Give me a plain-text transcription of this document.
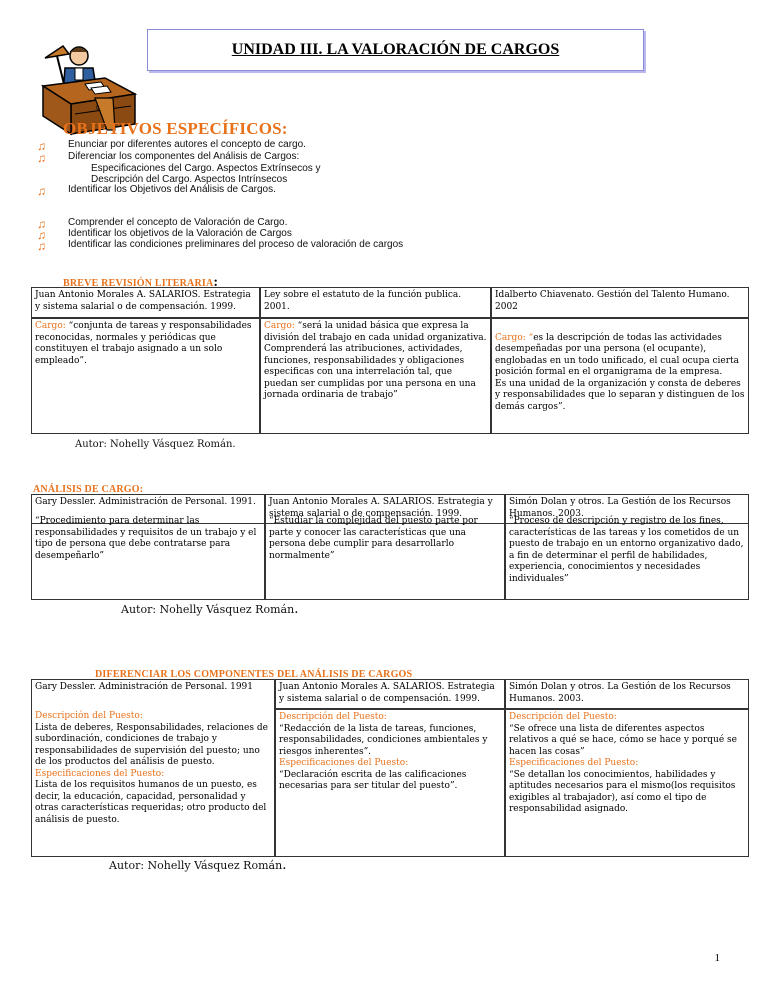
UNIDAD III. LA VALORACIÓN DE CARGOS
OBJETIVOS ESPECÍFICOS:
♫ Enunciar por diferentes autores el concepto de cargo.
♫ Diferenciar los componentes del Análisis de Cargos:
Especificaciones del Cargo. Aspectos Extrínsecos y
Descripción del Cargo. Aspectos Intrínsecos
♫ Identificar los Objetivos del Análisis de Cargos.
♫ Comprender el concepto de Valoración de Cargo.
♫ Identificar los objetivos de la Valoración de Cargos
♫ Identificar las condiciones preliminares del proceso de valoración de cargos
BREVE REVISIÓN LITERARIA:
Juan Antonio Morales A. SALARIOS. Estrategia y sistema salarial o de compensación. 1999.
Ley sobre el estatuto de la función publica. 2001.
Idalberto Chiavenato. Gestión del Talento Humano. 2002
Cargo: “conjunta de tareas y responsabilidades reconocidas, normales y periódicas que constituyen el trabajo asignado a un solo empleado”.
Cargo: “será la unidad básica que expresa la división del trabajo en cada unidad organizativa. Comprenderá las atribuciones, actividades, funciones, responsabilidades y obligaciones especificas con una interrelación tal, que puedan ser cumplidas por una persona en una jornada ordinaria de trabajo”

Cargo: “es la descripción de todas las actividades desempeñadas por una persona (el ocupante), englobadas en un todo unificado, el cual ocupa cierta posición formal en el organigrama de la empresa.
Es una unidad de la organización y consta de deberes y responsabilidades que lo separan y distinguen de los demás cargos”.

Autor: Nohelly Vásquez Román.
ANÁLISIS DE CARGO:
Gary Dessler. Administración de Personal. 1991.	Juan Antonio Morales A. SALARIOS. Estrategia y sistema salarial o de compensación. 1999.
Simón Dolan y otros. La Gestión de los Recursos Humanos. 2003.
“Procedimiento para determinar las responsabilidades y requisitos de un trabajo y el tipo de persona que debe contratarse para desempeñarlo”
“Estudiar la complejidad del puesto parte por parte y conocer las características que una persona debe cumplir para desarrollarlo normalmente”
“Proceso de descripción y registro de los fines, características de las tareas y los cometidos de un puesto de trabajo en un entorno organizativo dado, a fin de determinar el perfil de habilidades, experiencia, conocimientos y necesidades individuales”
Autor: Nohelly Vásquez Román.
DIFERENCIAR LOS COMPONENTES DEL ANÁLISIS DE CARGOS
Gary Dessler. Administración de Personal. 1991	Juan Antonio Morales A. SALARIOS. Estrategia y sistema salarial o de compensación. 1999.
Simón Dolan y otros. La Gestión de los Recursos Humanos. 2003.
Descripción del Puesto:
Lista de deberes, Responsabilidades, relaciones de subordinación, condiciones de trabajo y responsabilidades de supervisión del puesto; uno de los productos del análisis de puesto.
Especificaciones del Puesto:
Lista de los requisitos humanos de un puesto, es decir, la educación, capacidad, personalidad y otras características requeridas; otro producto del análisis de puesto.
Descripción del Puesto:
“Redacción de la lista de tareas, funciones, responsabilidades, condiciones ambientales y riesgos inherentes”.
Especificaciones del Puesto:
“Declaración escrita de las calificaciones necesarias para ser titular del puesto”.
Descripción del Puesto:
“Se ofrece una lista de diferentes aspectos relativos a qué se hace, cómo se hace y porqué se hacen las cosas”
Especificaciones del Puesto:
“Se detallan los conocimientos, habilidades y aptitudes necesarios para el mismo(los requisitos exigibles al trabajador), así como el tipo de responsabilidad asignado.
Autor: Nohelly Vásquez Román.
1
